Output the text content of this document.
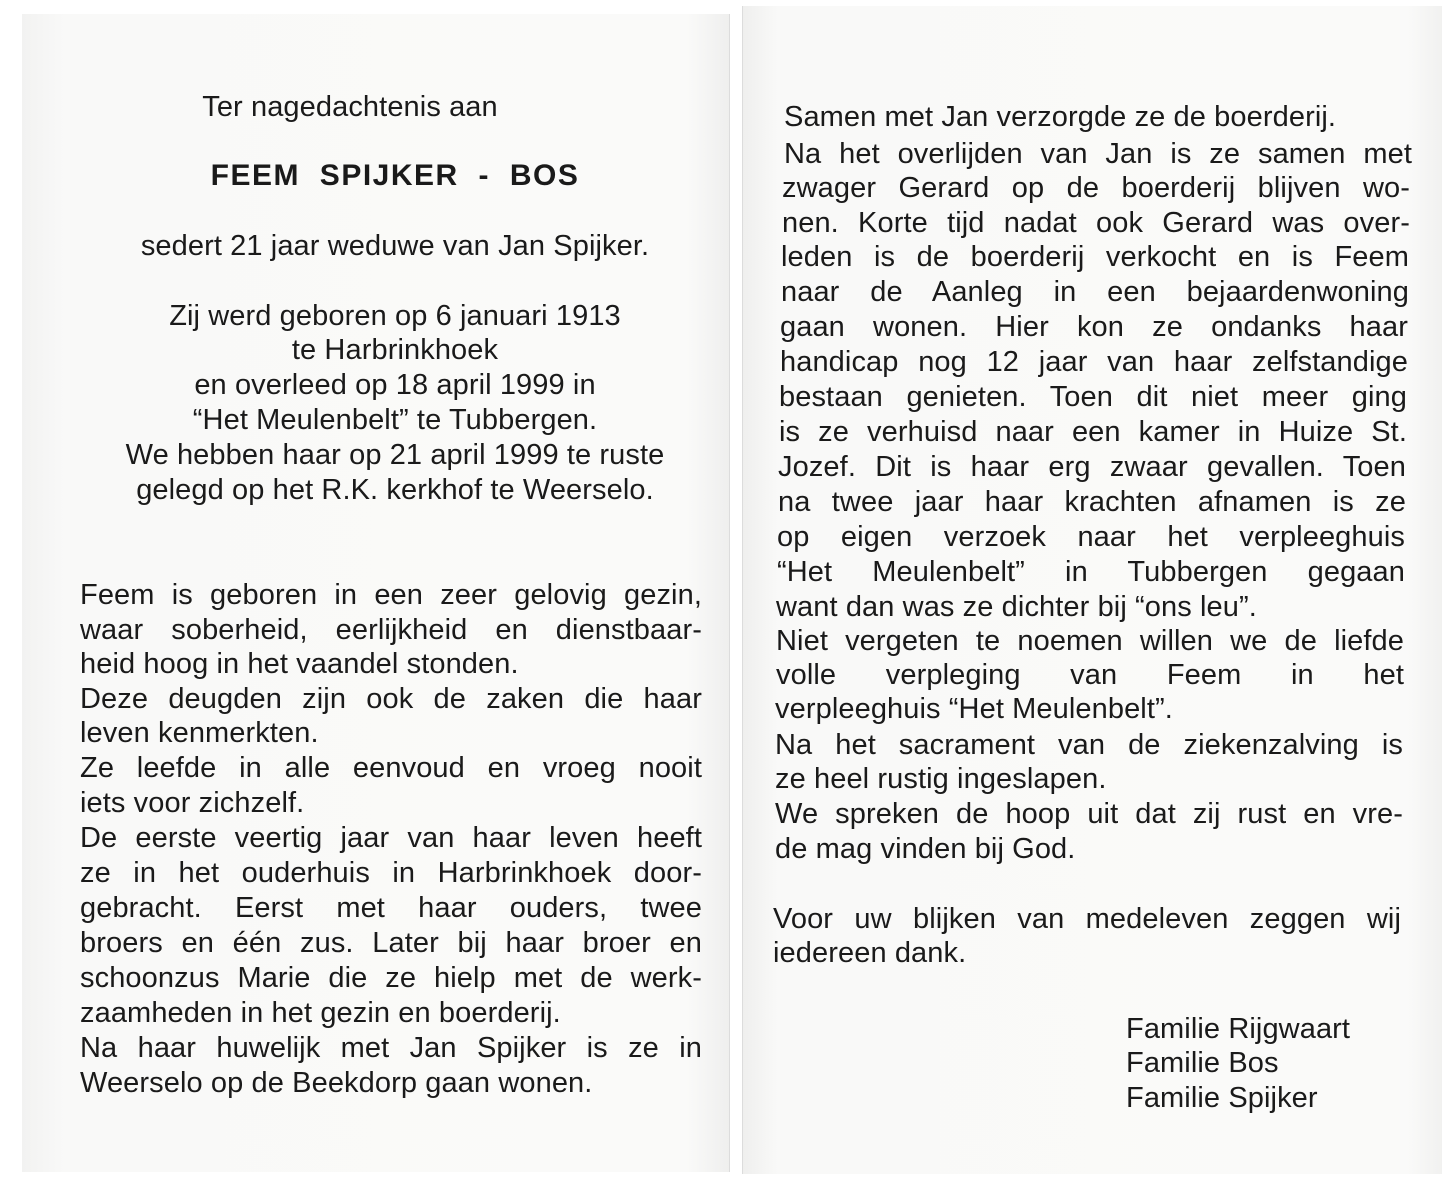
Ter nagedachtenis aan
FEEM SPIJKER - BOS
sedert 21 jaar weduwe van Jan Spijker.
Zij werd geboren op 6 januari 1913
te Harbrinkhoek
en overleed op 18 april 1999 in
“Het Meulenbelt” te Tubbergen.
We hebben haar op 21 april 1999 te ruste
gelegd op het R.K. kerkhof te Weerselo.
Feem is geboren in een zeer gelovig gezin,
waar soberheid, eerlijkheid en dienstbaar-
heid hoog in het vaandel stonden.
Deze deugden zijn ook de zaken die haar
leven kenmerkten.
Ze leefde in alle eenvoud en vroeg nooit
iets voor zichzelf.
De eerste veertig jaar van haar leven heeft
ze in het ouderhuis in Harbrinkhoek door-
gebracht. Eerst met haar ouders, twee
broers en één zus. Later bij haar broer en
schoonzus Marie die ze hielp met de werk-
zaamheden in het gezin en boerderij.
Na haar huwelijk met Jan Spijker is ze in
Weerselo op de Beekdorp gaan wonen.
Samen met Jan verzorgde ze de boerderij.
Na het overlijden van Jan is ze samen met
zwager Gerard op de boerderij blijven wo-
nen. Korte tijd nadat ook Gerard was over-
leden is de boerderij verkocht en is Feem
naar de Aanleg in een bejaardenwoning
gaan wonen. Hier kon ze ondanks haar
handicap nog 12 jaar van haar zelfstandige
bestaan genieten. Toen dit niet meer ging
is ze verhuisd naar een kamer in Huize St.
Jozef. Dit is haar erg zwaar gevallen. Toen
na twee jaar haar krachten afnamen is ze
op eigen verzoek naar het verpleeghuis
“Het Meulenbelt” in Tubbergen gegaan
want dan was ze dichter bij “ons leu”.
Niet vergeten te noemen willen we de liefde
volle verpleging van Feem in het
verpleeghuis “Het Meulenbelt”.
Na het sacrament van de ziekenzalving is
ze heel rustig ingeslapen.
We spreken de hoop uit dat zij rust en vre-
de mag vinden bij God.
Voor uw blijken van medeleven zeggen wij
iedereen dank.
Familie Rijgwaart
Familie Bos
Familie Spijker
